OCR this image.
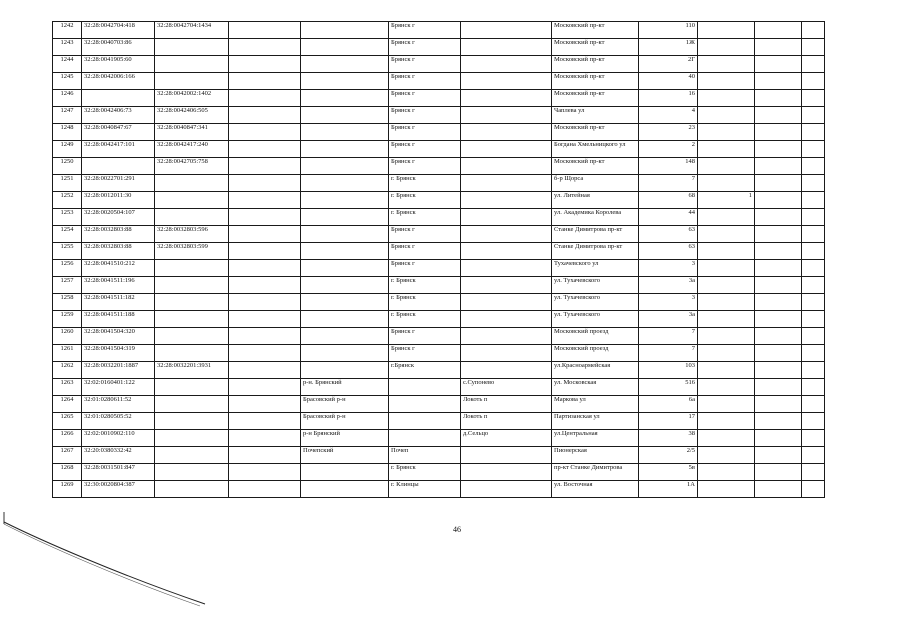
1242	32:28:0042704:418	32:28:0042704:1434			Брянск г		Московский пр-кт	110			
1243	32:28:0040703:86				Брянск г		Московский пр-кт	1Ж			
1244	32:28:0041905:60				Брянск г		Московский пр-кт	2Г			
1245	32:28:0042006:166				Брянск г		Московский пр-кт	40			
1246		32:28:0042002:1402			Брянск г		Московский пр-кт	16			
1247	32:28:0042406:73	32:28:0042406:505			Брянск г		Чаплева ул	4			
1248	32:28:0040847:67	32:28:0040847:341			Брянск г		Московский пр-кт	23			
1249	32:28:0042417:101	32:28:0042417:240			Брянск г		Богдана Хмельницкого ул	2			
1250		32:28:0042705:758			Брянск г		Московский пр-кт	148			
1251	32:28:0022701:291				г. Брянск		б-р Щорса	7			
1252	32:28:0012011:30				г. Брянск		ул. Литейная	68	1		
1253	32:28:0020504:107				г. Брянск		ул. Академика Королева	44			
1254	32:28:0032803:88	32:28:0032803:596			Брянск г		Станке Димитрова пр-кт	63			
1255	32:28:0032803:88	32:28:0032803:599			Брянск г		Станке Димитрова пр-кт	63			
1256	32:28:0041510:212				Брянск г		Тухачевского ул	3			
1257	32:28:0041511:196				г. Брянск		ул. Тухачевского	3а			
1258	32:28:0041511:182				г. Брянск		ул. Тухачевского	3			
1259	32:28:0041511:188				г. Брянск		ул. Тухачевского	3а			
1260	32:28:0041504:320				Брянск г		Московский проезд	7			
1261	32:28:0041504:319				Брянск г		Московский проезд	7			
1262	32:28:0032201:1887	32:28:0032201:3931			г.Брянск		ул.Красноармейская	103			
1263	32:02:0160401:122			р-н. Брянский		с.Супонево	ул. Московская	516			
1264	32:01:0280611:52			Брасовский р-н		Локоть п	Маркова ул	6а			
1265	32:01:0280505:52			Брасовский р-н		Локоть п	Партизанская ул	17			
1266	32:02:0010902:110			р-н Брянский		д.Сельцо	ул.Центральная	38			
1267	32:20:0380332:42			Почепский	Почеп		Пионерская	2/5			
1268	32:28:0031501:847				г. Брянск		пр-кт Станке Димитрова	5в			
1269	32:30:0020804:387				г. Клинцы		ул. Восточная	1А			
46
